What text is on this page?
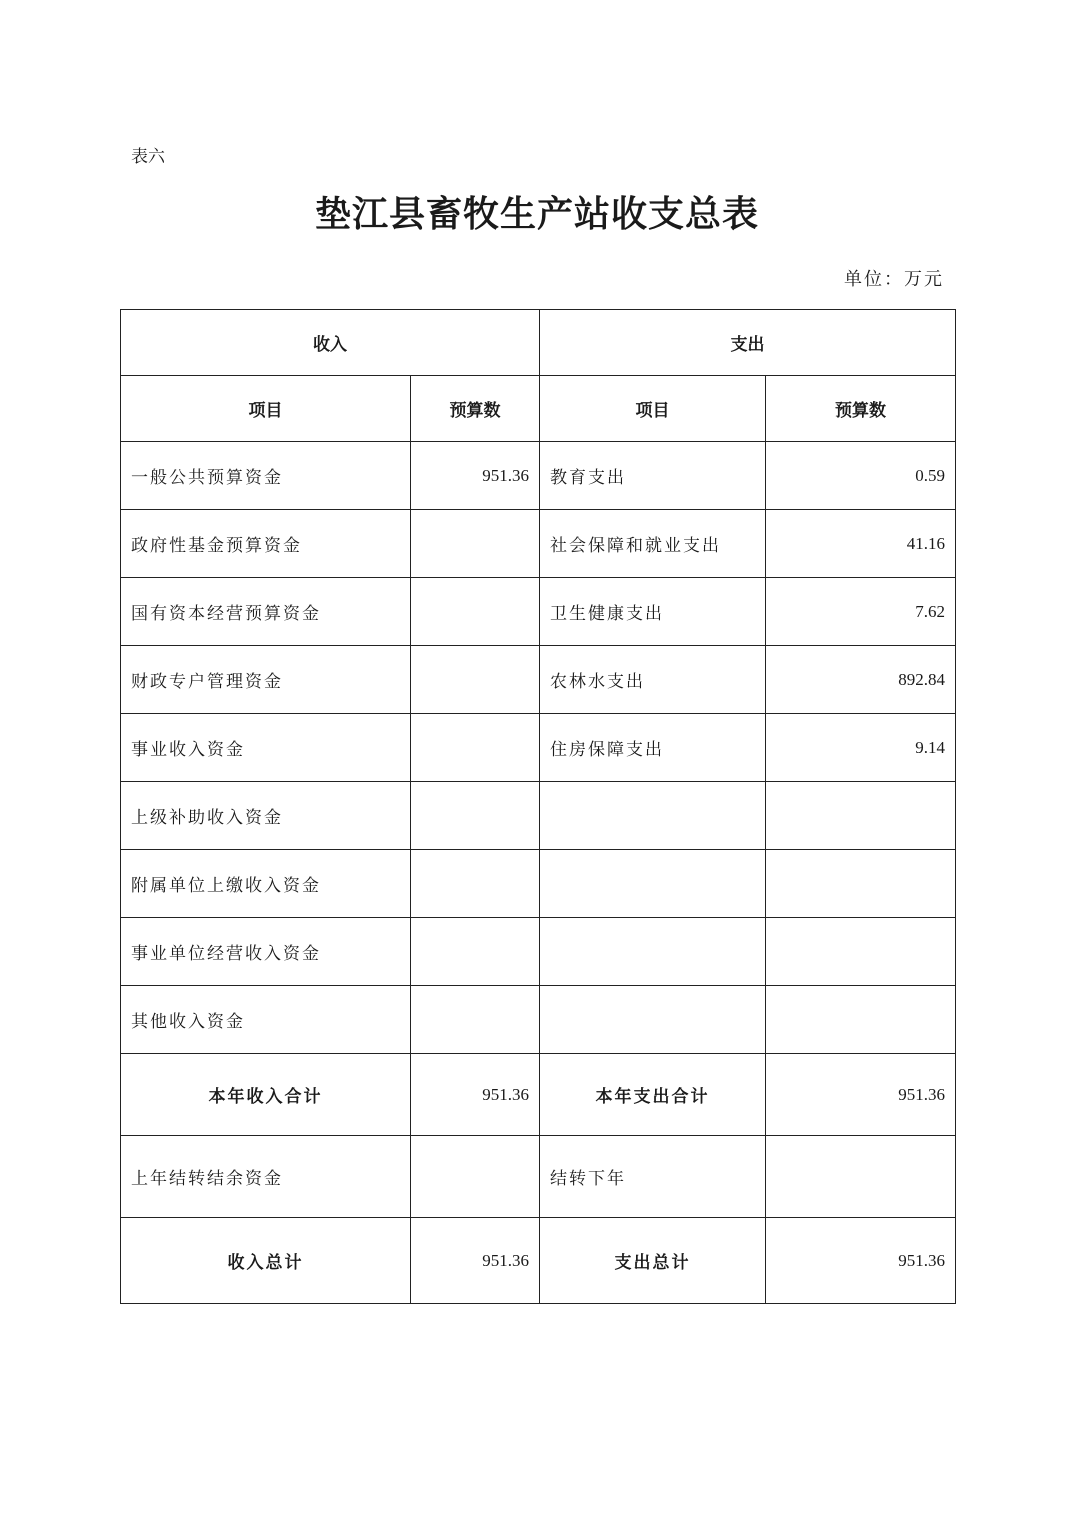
表六
垫江县畜牧生产站收支总表
单位：万元
收入		支出	
项目	预算数	项目	预算数
一般公共预算资金	951.36	教育支出	0.59
政府性基金预算资金		社会保障和就业支出	41.16
国有资本经营预算资金		卫生健康支出	7.62
财政专户管理资金		农林水支出	892.84
事业收入资金		住房保障支出	9.14
上级补助收入资金			
附属单位上缴收入资金			
事业单位经营收入资金			
其他收入资金			
本年收入合计	951.36	本年支出合计	951.36
上年结转结余资金		结转下年	
收入总计	951.36	支出总计	951.36
